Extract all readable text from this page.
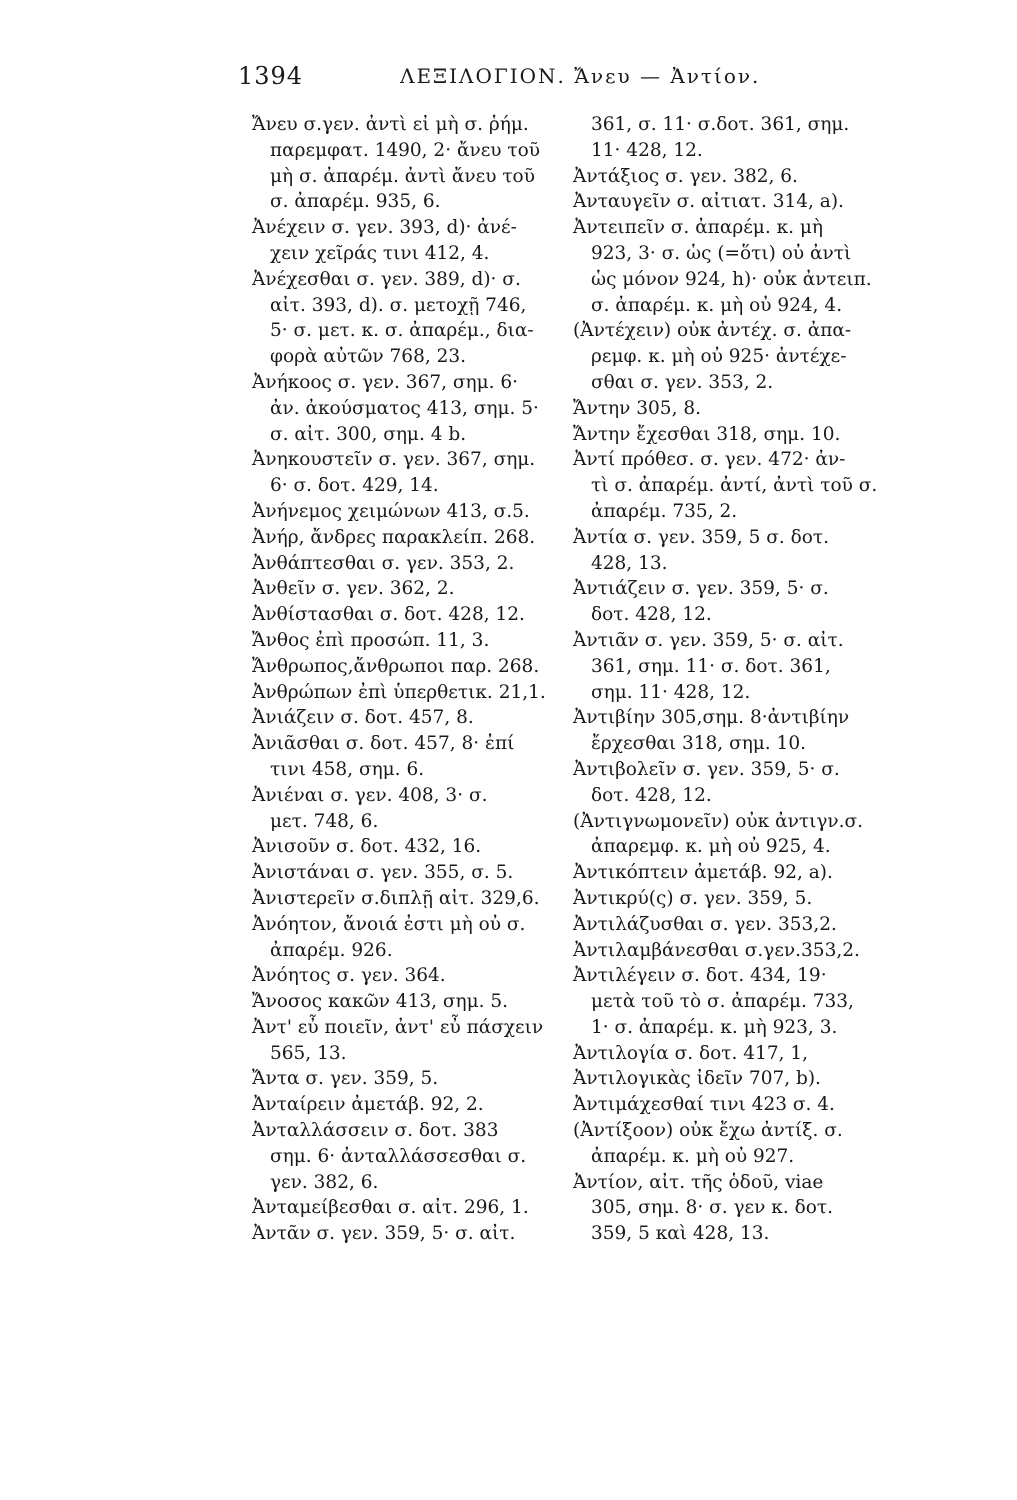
1394	ΛΕΞΙΛΟΓΙΟΝ. Ἄνευ — Ἀντίον.
Ἄνευ σ.γεν. ἀντὶ εἰ μὴ σ. ῥήμ.
παρεμφατ. 1490, 2· ἄνευ τοῦ
μὴ σ. ἀπαρέμ. ἀντὶ ἄνευ τοῦ
σ. ἀπαρέμ. 935, 6.
Ἀνέχειν σ. γεν. 393, d)· ἀνέ-
χειν χεῖράς τινι 412, 4.
Ἀνέχεσθαι σ. γεν. 389, d)· σ.
αἰτ. 393, d). σ. μετοχῇ 746,
5· σ. μετ. κ. σ. ἀπαρέμ., δια-
φορὰ αὐτῶν 768, 23.
Ἀνήκοος σ. γεν. 367, σημ. 6·
ἀν. ἀκούσματος 413, σημ. 5·
σ. αἰτ. 300, σημ. 4 b.
Ἀνηκουστεῖν σ. γεν. 367, σημ.
6· σ. δοτ. 429, 14.
Ἀνήνεμος χειμώνων 413, σ.5.
Ἀνήρ, ἄνδρες παρακλείπ. 268.
Ἀνθάπτεσθαι σ. γεν. 353, 2.
Ἀνθεῖν σ. γεν. 362, 2.
Ἀνθίστασθαι σ. δοτ. 428, 12.
Ἄνθος ἐπὶ προσώπ. 11, 3.
Ἄνθρωπος,ἄνθρωποι παρ. 268.
Ἀνθρώπων ἐπὶ ὑπερθετικ. 21,1.
Ἀνιάζειν σ. δοτ. 457, 8.
Ἀνιᾶσθαι σ. δοτ. 457, 8· ἐπί
τινι 458, σημ. 6.
Ἀνιέναι σ. γεν. 408, 3· σ.
μετ. 748, 6.
Ἀνισοῦν σ. δοτ. 432, 16.
Ἀνιστάναι σ. γεν. 355, σ. 5.
Ἀνιστερεῖν σ.διπλῇ αἰτ. 329,6.
Ἀνόητον, ἄνοιά ἐστι μὴ οὐ σ.
ἀπαρέμ. 926.
Ἀνόητος σ. γεν. 364.
Ἄνοσος κακῶν 413, σημ. 5.
Ἀντ' εὖ ποιεῖν, ἀντ' εὖ πάσχειν
565, 13.
Ἄντα σ. γεν. 359, 5.
Ἀνταίρειν ἀμετάβ. 92, 2.
Ἀνταλλάσσειν σ. δοτ. 383
σημ. 6· ἀνταλλάσσεσθαι σ.
γεν. 382, 6.
Ἀνταμείβεσθαι σ. αἰτ. 296, 1.
Ἀντᾶν σ. γεν. 359, 5· σ. αἰτ.
361, σ. 11· σ.δοτ. 361, σημ.
11· 428, 12.
Ἀντάξιος σ. γεν. 382, 6.
Ἀνταυγεῖν σ. αἰτιατ. 314, a).
Ἀντειπεῖν σ. ἀπαρέμ. κ. μὴ
923, 3· σ. ὡς (=ὅτι) οὐ ἀντὶ
ὡς μόνον 924, h)· οὐκ ἀντειπ.
σ. ἀπαρέμ. κ. μὴ οὐ 924, 4.
(Ἀντέχειν) οὐκ ἀντέχ. σ. ἀπα-
ρεμφ. κ. μὴ οὐ 925· ἀντέχε-
σθαι σ. γεν. 353, 2.
Ἄντην 305, 8.
Ἄντην ἔχεσθαι 318, σημ. 10.
Ἀντί πρόθεσ. σ. γεν. 472· ἀν-
τὶ σ. ἀπαρέμ. ἀντί, ἀντὶ τοῦ σ.
ἀπαρέμ. 735, 2.
Ἀντία σ. γεν. 359, 5 σ. δοτ.
428, 13.
Ἀντιάζειν σ. γεν. 359, 5· σ.
δοτ. 428, 12.
Ἀντιᾶν σ. γεν. 359, 5· σ. αἰτ.
361, σημ. 11· σ. δοτ. 361,
σημ. 11· 428, 12.
Ἀντιβίην 305,σημ. 8·ἀντιβίην
ἔρχεσθαι 318, σημ. 10.
Ἀντιβολεῖν σ. γεν. 359, 5· σ.
δοτ. 428, 12.
(Ἀντιγνωμονεῖν) οὐκ ἀντιγν.σ.
ἀπαρεμφ. κ. μὴ οὐ 925, 4.
Ἀντικόπτειν ἀμετάβ. 92, a).
Ἀντικρύ(ς) σ. γεν. 359, 5.
Ἀντιλάζυσθαι σ. γεν. 353,2.
Ἀντιλαμβάνεσθαι σ.γεν.353,2.
Ἀντιλέγειν σ. δοτ. 434, 19·
μετὰ τοῦ τὸ σ. ἀπαρέμ. 733,
1· σ. ἀπαρέμ. κ. μὴ 923, 3.
Ἀντιλογία σ. δοτ. 417, 1,
Ἀντιλογικὰς ἰδεῖν 707, b).
Ἀντιμάχεσθαί τινι 423 σ. 4.
(Ἀντίξοον) οὐκ ἔχω ἀντίξ. σ.
ἀπαρέμ. κ. μὴ οὐ 927.
Ἀντίον, αἰτ. τῆς ὁδοῦ, viae
305, σημ. 8· σ. γεν κ. δοτ.
359, 5 καὶ 428, 13.
